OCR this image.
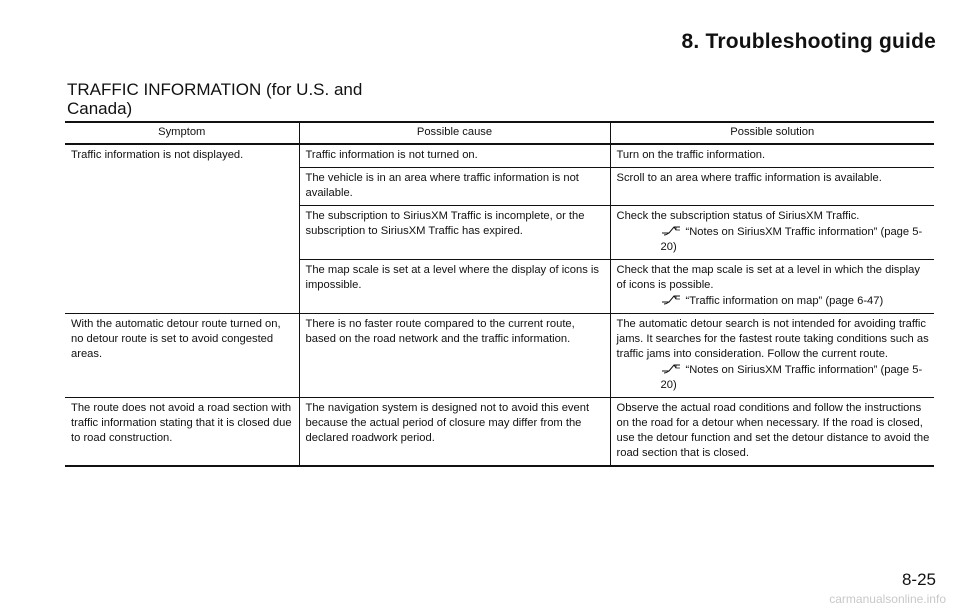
8. Troubleshooting guide
TRAFFIC INFORMATION (for U.S. and Canada)
Symptom	Possible cause	Possible solution
Traffic information is not displayed.	Traffic information is not turned on.	Turn on the traffic information.
	The vehicle is in an area where traffic information is not available.	Scroll to an area where traffic information is available.
	The subscription to SiriusXM Traffic is incomplete, or the subscription to SiriusXM Traffic has expired.	Check the subscription status of SiriusXM Traffic.
“Notes on SiriusXM Traffic information” (page 5-20)

	The map scale is set at a level where the display of icons is impossible.	Check that the map scale is set at a level in which the display of icons is possible.
“Traffic information on map” (page 6-47)

With the automatic detour route turned on, no detour route is set to avoid congested areas.	There is no faster route compared to the current route, based on the road network and the traffic information.	The automatic detour search is not intended for avoiding traffic jams. It searches for the fastest route taking conditions such as traffic jams into consideration. Follow the current route.
“Notes on SiriusXM Traffic information” (page 5-20)

The route does not avoid a road section with traffic information stating that it is closed due to road construction.	The navigation system is designed not to avoid this event because the actual period of closure may differ from the declared roadwork period.	Observe the actual road conditions and follow the instructions on the road for a detour when necessary. If the road is closed, use the detour function and set the detour distance to avoid the road section that is closed.
8-25
carmanualsonline.info
